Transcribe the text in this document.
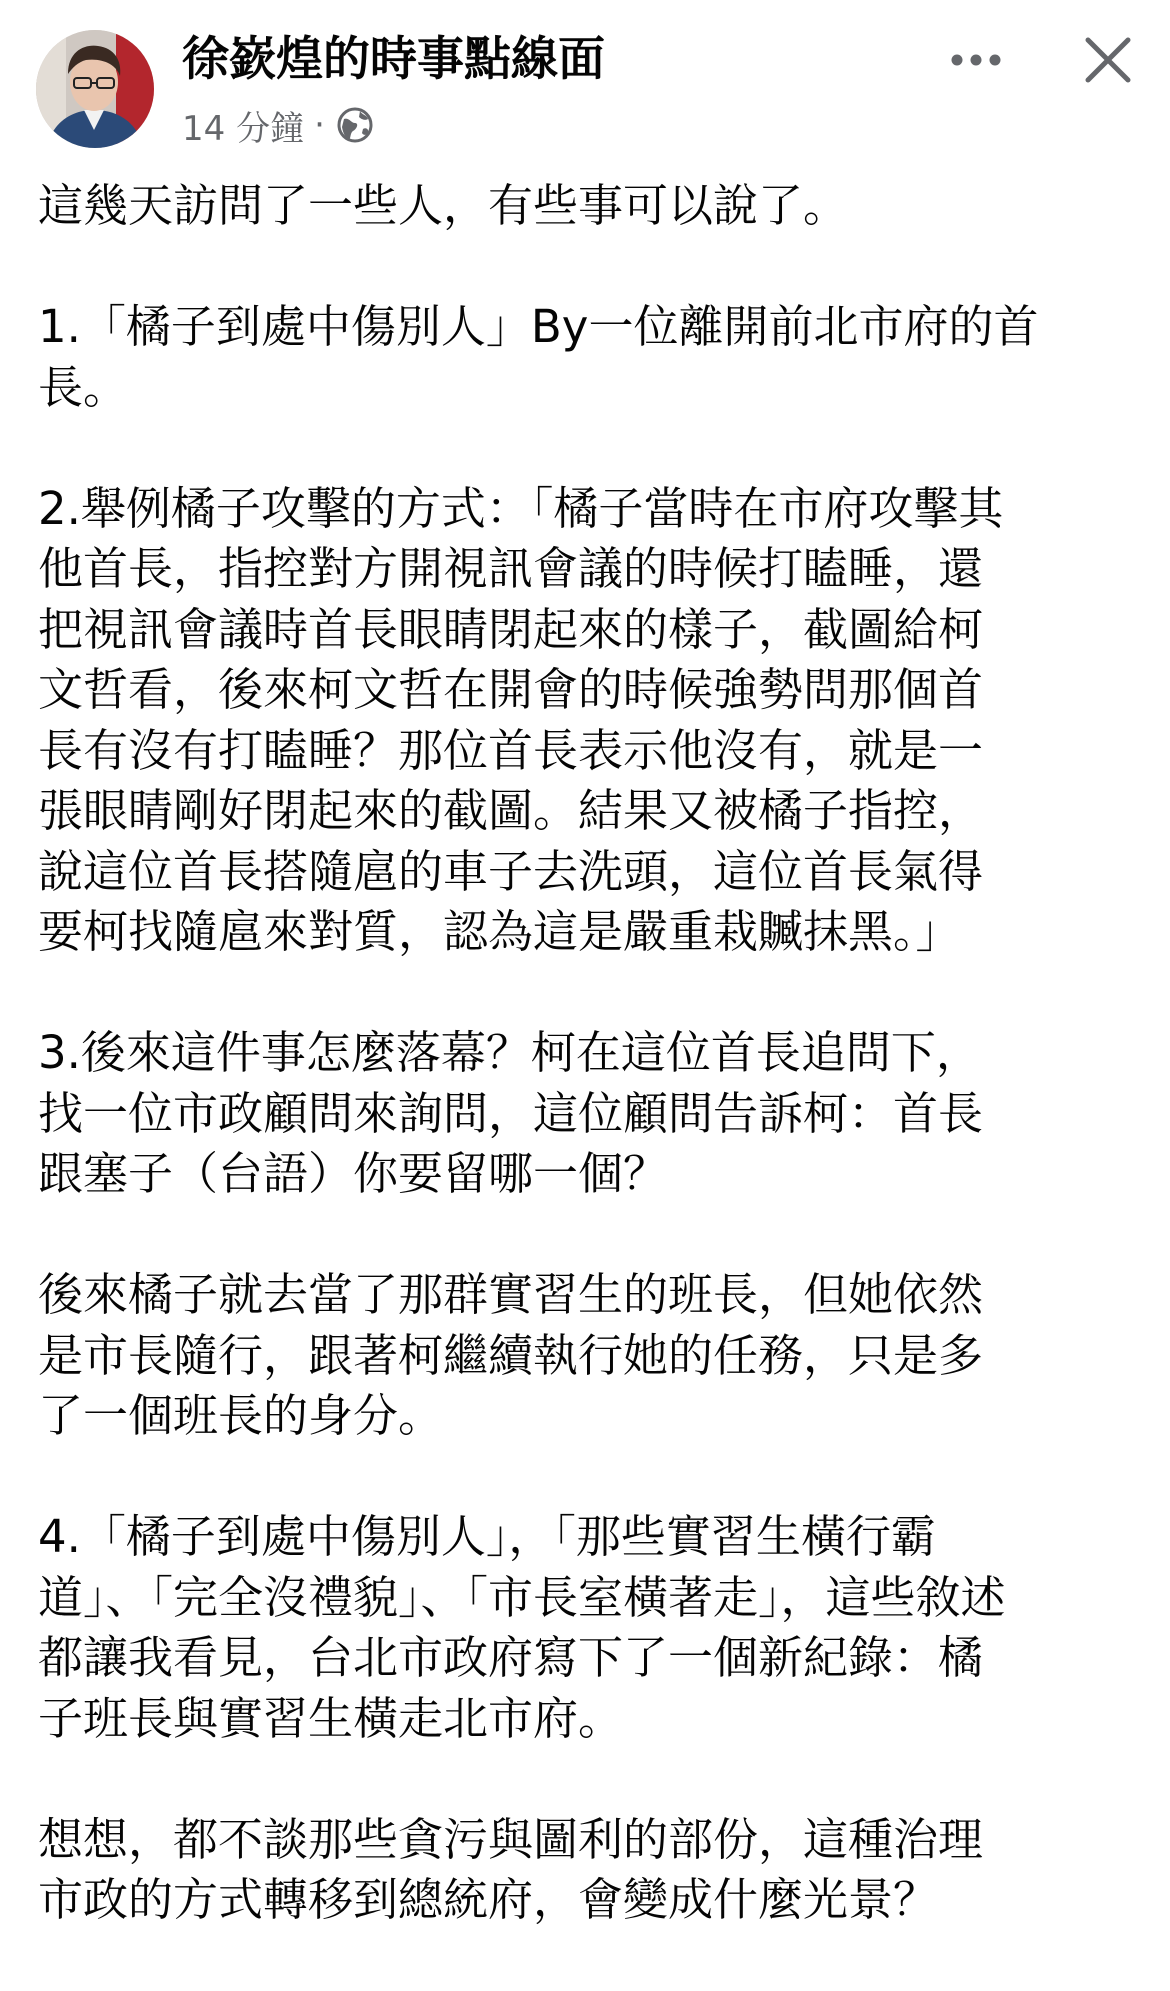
徐嶔煌的時事點線面
14 分鐘 ·

這幾天訪問了一些人，有些事可以說了。

1.「橘子到處中傷別人」By一位離開前北市府的首
長。

2.舉例橘子攻擊的方式：「橘子當時在市府攻擊其
他首長，指控對方開視訊會議的時候打瞌睡，還
把視訊會議時首長眼睛閉起來的樣子，截圖給柯
文哲看，後來柯文哲在開會的時候強勢問那個首
長有沒有打瞌睡？那位首長表示他沒有，就是一
張眼睛剛好閉起來的截圖。結果又被橘子指控，
說這位首長搭隨扈的車子去洗頭，這位首長氣得
要柯找隨扈來對質，認為這是嚴重栽贓抹黑。」

3.後來這件事怎麼落幕？柯在這位首長追問下，
找一位市政顧問來詢問，這位顧問告訴柯：首長
跟塞子（台語）你要留哪一個？

後來橘子就去當了那群實習生的班長，但她依然
是市長隨行，跟著柯繼續執行她的任務，只是多
了一個班長的身分。

4.「橘子到處中傷別人」，「那些實習生橫行霸
道」、「完全沒禮貌」、「市長室橫著走」，這些敘述
都讓我看見，台北市政府寫下了一個新紀錄：橘
子班長與實習生橫走北市府。

想想，都不談那些貪污與圖利的部份，這種治理
市政的方式轉移到總統府，會變成什麼光景？
